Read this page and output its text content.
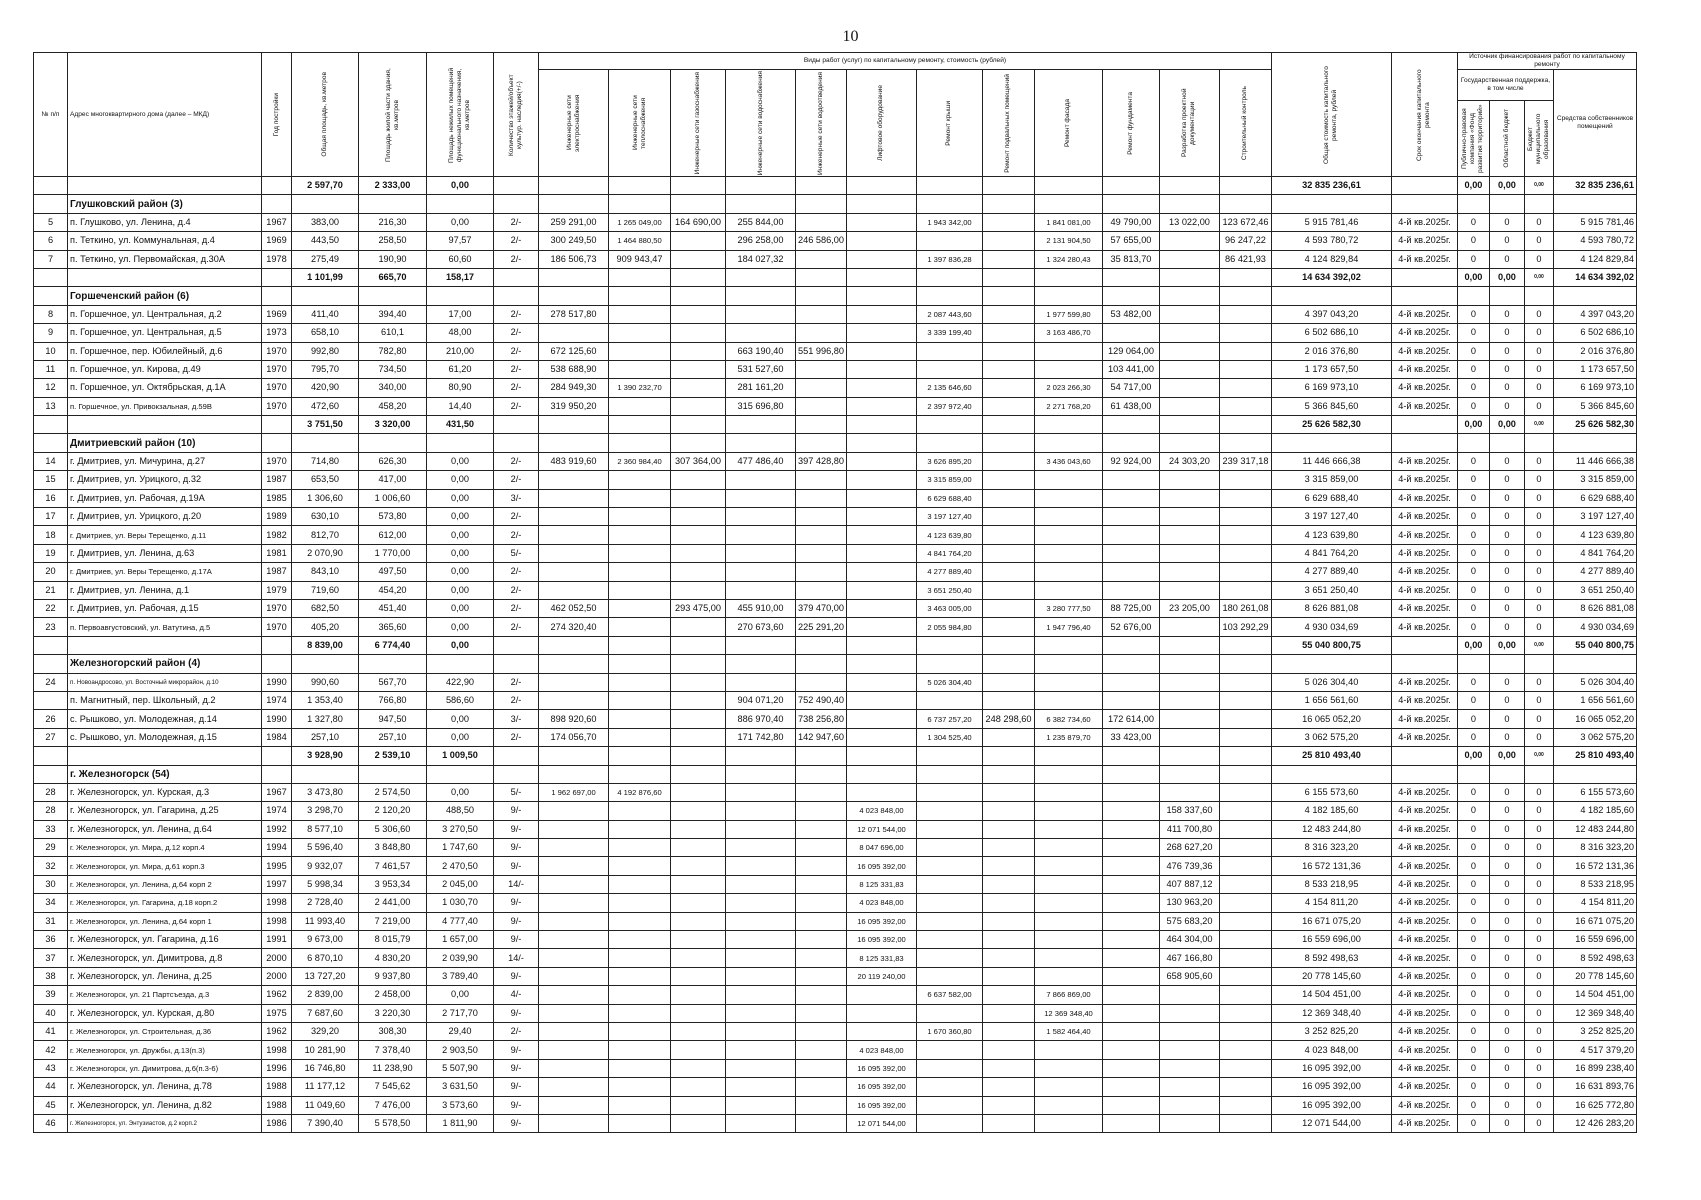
10
№ п/п	Адрес многоквартирного дома (далее – МКД)	Год постройки	Общая площадь, кв.метров	Площадь жилой части здания, кв.метров	Площадь нежилых помещений функционального назначения, кв.метров	Количество этажей/объект культур. наследия(+/-)	Виды работ (услуг) по капитальному ремонту, стоимость (рублей)												Общая стоимость капитального ремонта, рублей	Срок окончания капитального ремонта	Источник финансирования работ по капитальному ремонту			

							Инженерные сети электроснабжения	Инженерные сети теплоснабжения	Инженерные сети газоснабжения	Инженерные сети водоснабжения	Инженерные сети водоотведения	Лифтовое оборудование	Ремонт крыши	Ремонт подвальных помещений	Ремонт фасада	Ремонт фундамента	Разработка проектной документации	Строительный контроль			Государственная поддержка, в том числе			Средства собственников помещений

																					Публично-правовая компания «Фонд развития территорий»	Областной бюджет	Бюджет муниципального образования	

			2 597,70	2 333,00	0,00														32 835 236,61		0,00	0,00	0,00	32 835 236,61
	Глушковский район (3)																							
5	п. Глушково, ул. Ленина, д.4	1967	383,00	216,30	0,00	2/-	259 291,00	1 265 049,00	164 690,00	255 844,00			1 943 342,00		1 841 081,00	49 790,00	13 022,00	123 672,46	5 915 781,46	4-й кв.2025г.	0	0	0	5 915 781,46
6	п. Теткино, ул. Коммунальная, д.4	1969	443,50	258,50	97,57	2/-	300 249,50	1 464 880,50		296 258,00	246 586,00				2 131 904,50	57 655,00		96 247,22	4 593 780,72	4-й кв.2025г.	0	0	0	4 593 780,72
7	п. Теткино, ул. Первомайская, д.30А	1978	275,49	190,90	60,60	2/-	186 506,73	909 943,47		184 027,32			1 397 836,28		1 324 280,43	35 813,70		86 421,93	4 124 829,84	4-й кв.2025г.	0	0	0	4 124 829,84
			1 101,99	665,70	158,17														14 634 392,02		0,00	0,00	0,00	14 634 392,02
	Горшеченский район (6)																							
8	п. Горшечное, ул. Центральная, д.2	1969	411,40	394,40	17,00	2/-	278 517,80						2 087 443,60		1 977 599,80	53 482,00			4 397 043,20	4-й кв.2025г.	0	0	0	4 397 043,20
9	п. Горшечное, ул. Центральная, д.5	1973	658,10	610,1	48,00	2/-							3 339 199,40		3 163 486,70				6 502 686,10	4-й кв.2025г.	0	0	0	6 502 686,10
10	п. Горшечное, пер. Юбилейный, д.6	1970	992,80	782,80	210,00	2/-	672 125,60			663 190,40	551 996,80					129 064,00			2 016 376,80	4-й кв.2025г.	0	0	0	2 016 376,80
11	п. Горшечное, ул. Кирова, д.49	1970	795,70	734,50	61,20	2/-	538 688,90			531 527,60						103 441,00			1 173 657,50	4-й кв.2025г.	0	0	0	1 173 657,50
12	п. Горшечное, ул. Октябрьская, д.1А	1970	420,90	340,00	80,90	2/-	284 949,30	1 390 232,70		281 161,20			2 135 646,60		2 023 266,30	54 717,00			6 169 973,10	4-й кв.2025г.	0	0	0	6 169 973,10
13	п. Горшечное, ул. Привокзальная, д.59В	1970	472,60	458,20	14,40	2/-	319 950,20			315 696,80			2 397 972,40		2 271 768,20	61 438,00			5 366 845,60	4-й кв.2025г.	0	0	0	5 366 845,60
			3 751,50	3 320,00	431,50														25 626 582,30		0,00	0,00	0,00	25 626 582,30
	Дмитриевский район (10)																							
14	г. Дмитриев, ул. Мичурина, д.27	1970	714,80	626,30	0,00	2/-	483 919,60	2 360 984,40	307 364,00	477 486,40	397 428,80		3 626 895,20		3 436 043,60	92 924,00	24 303,20	239 317,18	11 446 666,38	4-й кв.2025г.	0	0	0	11 446 666,38
15	г. Дмитриев, ул. Урицкого, д.32	1987	653,50	417,00	0,00	2/-							3 315 859,00						3 315 859,00	4-й кв.2025г.	0	0	0	3 315 859,00
16	г. Дмитриев, ул. Рабочая, д.19А	1985	1 306,60	1 006,60	0,00	3/-							6 629 688,40						6 629 688,40	4-й кв.2025г.	0	0	0	6 629 688,40
17	г. Дмитриев, ул. Урицкого, д.20	1989	630,10	573,80	0,00	2/-							3 197 127,40						3 197 127,40	4-й кв.2025г.	0	0	0	3 197 127,40
18	г. Дмитриев, ул. Веры Терещенко, д.11	1982	812,70	612,00	0,00	2/-							4 123 639,80						4 123 639,80	4-й кв.2025г.	0	0	0	4 123 639,80
19	г. Дмитриев, ул. Ленина, д.63	1981	2 070,90	1 770,00	0,00	5/-							4 841 764,20						4 841 764,20	4-й кв.2025г.	0	0	0	4 841 764,20
20	г. Дмитриев, ул. Веры Терещенко, д.17А	1987	843,10	497,50	0,00	2/-							4 277 889,40						4 277 889,40	4-й кв.2025г.	0	0	0	4 277 889,40
21	г. Дмитриев, ул. Ленина, д.1	1979	719,60	454,20	0,00	2/-							3 651 250,40						3 651 250,40	4-й кв.2025г.	0	0	0	3 651 250,40
22	г. Дмитриев, ул. Рабочая, д.15	1970	682,50	451,40	0,00	2/-	462 052,50		293 475,00	455 910,00	379 470,00		3 463 005,00		3 280 777,50	88 725,00	23 205,00	180 261,08	8 626 881,08	4-й кв.2025г.	0	0	0	8 626 881,08
23	п. Первоавгустовский, ул. Ватутина, д.5	1970	405,20	365,60	0,00	2/-	274 320,40			270 673,60	225 291,20		2 055 984,80		1 947 796,40	52 676,00		103 292,29	4 930 034,69	4-й кв.2025г.	0	0	0	4 930 034,69
			8 839,00	6 774,40	0,00														55 040 800,75		0,00	0,00	0,00	55 040 800,75
	Железногорский район (4)																							
24	п. Новоандросово, ул. Восточный микрорайон, д.10	1990	990,60	567,70	422,90	2/-							5 026 304,40						5 026 304,40	4-й кв.2025г.	0	0	0	5 026 304,40
	п. Магнитный, пер. Школьный, д.2	1974	1 353,40	766,80	586,60	2/-				904 071,20	752 490,40								1 656 561,60	4-й кв.2025г.	0	0	0	1 656 561,60
26	с. Рышково, ул. Молодежная, д.14	1990	1 327,80	947,50	0,00	3/-	898 920,60			886 970,40	738 256,80		6 737 257,20	248 298,60	6 382 734,60	172 614,00			16 065 052,20	4-й кв.2025г.	0	0	0	16 065 052,20
27	с. Рышково, ул. Молодежная, д.15	1984	257,10	257,10	0,00	2/-	174 056,70			171 742,80	142 947,60		1 304 525,40		1 235 879,70	33 423,00			3 062 575,20	4-й кв.2025г.	0	0	0	3 062 575,20
			3 928,90	2 539,10	1 009,50														25 810 493,40		0,00	0,00	0,00	25 810 493,40
	г. Железногорск (54)																							
28	г. Железногорск, ул. Курская, д.3	1967	3 473,80	2 574,50	0,00	5/-	1 962 697,00	4 192 876,60											6 155 573,60	4-й кв.2025г.	0	0	0	6 155 573,60
28	г. Железногорск, ул. Гагарина, д.25	1974	3 298,70	2 120,20	488,50	9/-						4 023 848,00					158 337,60		4 182 185,60	4-й кв.2025г.	0	0	0	4 182 185,60
33	г. Железногорск, ул. Ленина, д.64	1992	8 577,10	5 306,60	3 270,50	9/-						12 071 544,00					411 700,80		12 483 244,80	4-й кв.2025г.	0	0	0	12 483 244,80
29	г. Железногорск, ул. Мира, д.12 корп.4	1994	5 596,40	3 848,80	1 747,60	9/-						8 047 696,00					268 627,20		8 316 323,20	4-й кв.2025г.	0	0	0	8 316 323,20
32	г. Железногорск, ул. Мира, д.61 корп.3	1995	9 932,07	7 461,57	2 470,50	9/-						16 095 392,00					476 739,36		16 572 131,36	4-й кв.2025г.	0	0	0	16 572 131,36
30	г. Железногорск, ул. Ленина, д.64 корп 2	1997	5 998,34	3 953,34	2 045,00	14/-						8 125 331,83					407 887,12		8 533 218,95	4-й кв.2025г.	0	0	0	8 533 218,95
34	г. Железногорск, ул. Гагарина, д.18 корп.2	1998	2 728,40	2 441,00	1 030,70	9/-						4 023 848,00					130 963,20		4 154 811,20	4-й кв.2025г.	0	0	0	4 154 811,20
31	г. Железногорск, ул. Ленина, д.64 корп 1	1998	11 993,40	7 219,00	4 777,40	9/-						16 095 392,00					575 683,20		16 671 075,20	4-й кв.2025г.	0	0	0	16 671 075,20
36	г. Железногорск, ул. Гагарина, д.16	1991	9 673,00	8 015,79	1 657,00	9/-						16 095 392,00					464 304,00		16 559 696,00	4-й кв.2025г.	0	0	0	16 559 696,00
37	г. Железногорск, ул. Димитрова, д.8	2000	6 870,10	4 830,20	2 039,90	14/-						8 125 331,83					467 166,80		8 592 498,63	4-й кв.2025г.	0	0	0	8 592 498,63
38	г. Железногорск, ул. Ленина, д.25	2000	13 727,20	9 937,80	3 789,40	9/-						20 119 240,00					658 905,60		20 778 145,60	4-й кв.2025г.	0	0	0	20 778 145,60
39	г. Железногорск, ул. 21 Партсъезда, д.3	1962	2 839,00	2 458,00	0,00	4/-							6 637 582,00		7 866 869,00				14 504 451,00	4-й кв.2025г.	0	0	0	14 504 451,00
40	г. Железногорск, ул. Курская, д.80	1975	7 687,60	3 220,30	2 717,70	9/-									12 369 348,40				12 369 348,40	4-й кв.2025г.	0	0	0	12 369 348,40
41	г. Железногорск, ул. Строительная, д.36	1962	329,20	308,30	29,40	2/-							1 670 360,80		1 582 464,40				3 252 825,20	4-й кв.2025г.	0	0	0	3 252 825,20
42	г. Железногорск, ул. Дружбы, д.13(п.3)	1998	10 281,90	7 378,40	2 903,50	9/-						4 023 848,00							4 023 848,00	4-й кв.2025г.	0	0	0	4 517 379,20
43	г. Железногорск, ул. Димитрова, д.6(п.3-6)	1996	16 746,80	11 238,90	5 507,90	9/-						16 095 392,00							16 095 392,00	4-й кв.2025г.	0	0	0	16 899 238,40
44	г. Железногорск, ул. Ленина, д.78	1988	11 177,12	7 545,62	3 631,50	9/-						16 095 392,00							16 095 392,00	4-й кв.2025г.	0	0	0	16 631 893,76
45	г. Железногорск, ул. Ленина, д.82	1988	11 049,60	7 476,00	3 573,60	9/-						16 095 392,00							16 095 392,00	4-й кв.2025г.	0	0	0	16 625 772,80
46	г. Железногорск, ул. Энтузиастов, д.2 корп.2	1986	7 390,40	5 578,50	1 811,90	9/-						12 071 544,00							12 071 544,00	4-й кв.2025г.	0	0	0	12 426 283,20
